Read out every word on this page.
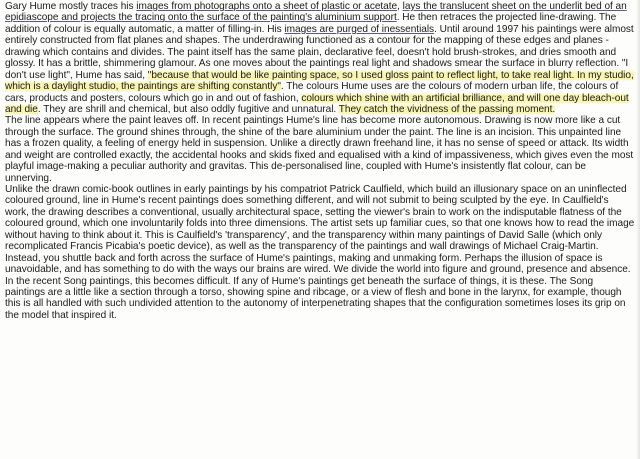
Gary Hume mostly traces his images from photographs onto a sheet of plastic or acetate, lays the translucent sheet on the underlit bed of an epidiascope and projects the tracing onto the surface of the painting's aluminium support. He then retraces the projected line-drawing. The addition of colour is equally automatic, a matter of filling-in. His images are purged of inessentials. Until around 1997 his paintings were almost entirely constructed from flat planes and shapes. The underdrawing functioned as a contour for the mapping of these edges and planes - drawing which contains and divides. The paint itself has the same plain, declarative feel, doesn't hold brush-strokes, and dries smooth and glossy. It has a brittle, shimmering glamour. As one moves about the paintings real light and shadows smear the surface in blurry reflection. "I don't use light", Hume has said, "because that would be like painting space, so I used gloss paint to reflect light, to take real light. In my studio, which is a daylight studio, the paintings are shifting constantly". The colours Hume uses are the colours of modern urban life, the colours of cars, products and posters, colours which go in and out of fashion, colours which shine with an artificial brilliance, and will one day bleach-out and die. They are shrill and chemical, but also oddly fugitive and unnatural. They catch the vividness of the passing moment.

The line appears where the paint leaves off. In recent paintings Hume's line has become more autonomous. Drawing is now more like a cut through the surface. The ground shines through, the shine of the bare aluminium under the paint. The line is an incision. This unpainted line has a frozen quality, a feeling of energy held in suspension. Unlike a directly drawn freehand line, it has no sense of speed or attack. Its width and weight are controlled exactly, the accidental hooks and skids fixed and equalised with a kind of impassiveness, which gives even the most playful image-making a peculiar authority and gravitas. This de-personalised line, coupled with Hume's insistently flat colour, can be unnerving.

Unlike the drawn comic-book outlines in early paintings by his compatriot Patrick Caulfield, which build an illusionary space on an uninflected coloured ground, line in Hume's recent paintings does something different, and will not submit to being sculpted by the eye. In Caulfield's work, the drawing describes a conventional, usually architectural space, setting the viewer's brain to work on the indisputable flatness of the coloured ground, which one involuntarily folds into three dimensions. The artist sets up familiar cues, so that one knows how to read the image without having to think about it. This is Caulfield's 'transparency', and the transparency within many paintings of David Salle (which only recomplicated Francis Picabia's poetic device), as well as the transparency of the paintings and wall drawings of Michael Craig-Martin. Instead, you shuttle back and forth across the surface of Hume's paintings, making and unmaking form. Perhaps the illusion of space is unavoidable, and has something to do with the ways our brains are wired. We divide the world into figure and ground, presence and absence. In the recent Song paintings, this becomes difficult. If any of Hume's paintings get beneath the surface of things, it is these. The Song paintings are a little like a section through a torso, showing spine and ribcage, or a view of flesh and bone in the larynx, for example, though this is all handled with such undivided attention to the autonomy of interpenetrating shapes that the configuration sometimes loses its grip on the model that inspired it.
